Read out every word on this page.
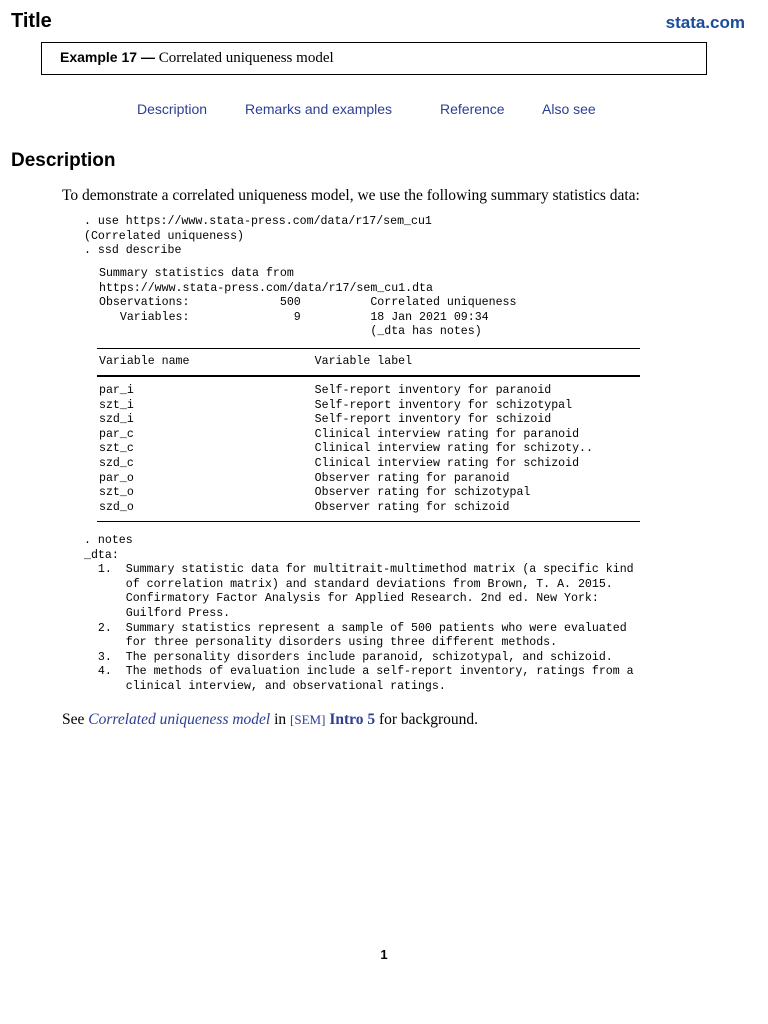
Title	stata.com
Example 17 — Correlated uniqueness model
Description	Remarks and examples	Reference	Also see
Description
To demonstrate a correlated uniqueness model, we use the following summary statistics data:
. use https://www.stata-press.com/data/r17/sem_cu1
(Correlated uniqueness)
. ssd describe
Summary statistics data from
https://www.stata-press.com/data/r17/sem_cu1.dta
Observations:             500          Correlated uniqueness
Variables:               9          18 Jan 2021 09:34
(_dta has notes)
Variable name                  Variable label
par_i                          Self-report inventory for paranoid
szt_i                          Self-report inventory for schizotypal
szd_i                          Self-report inventory for schizoid
par_c                          Clinical interview rating for paranoid
szt_c                          Clinical interview rating for schizoty..
szd_c                          Clinical interview rating for schizoid
par_o                          Observer rating for paranoid
szt_o                          Observer rating for schizotypal
szd_o                          Observer rating for schizoid
. notes
_dta:
1.  Summary statistic data for multitrait-multimethod matrix (a specific kind
of correlation matrix) and standard deviations from Brown, T. A. 2015.
Confirmatory Factor Analysis for Applied Research. 2nd ed. New York:
Guilford Press.
2.  Summary statistics represent a sample of 500 patients who were evaluated
for three personality disorders using three different methods.
3.  The personality disorders include paranoid, schizotypal, and schizoid.
4.  The methods of evaluation include a self-report inventory, ratings from a
clinical interview, and observational ratings.
See Correlated uniqueness model in [SEM] Intro 5 for background.
1
